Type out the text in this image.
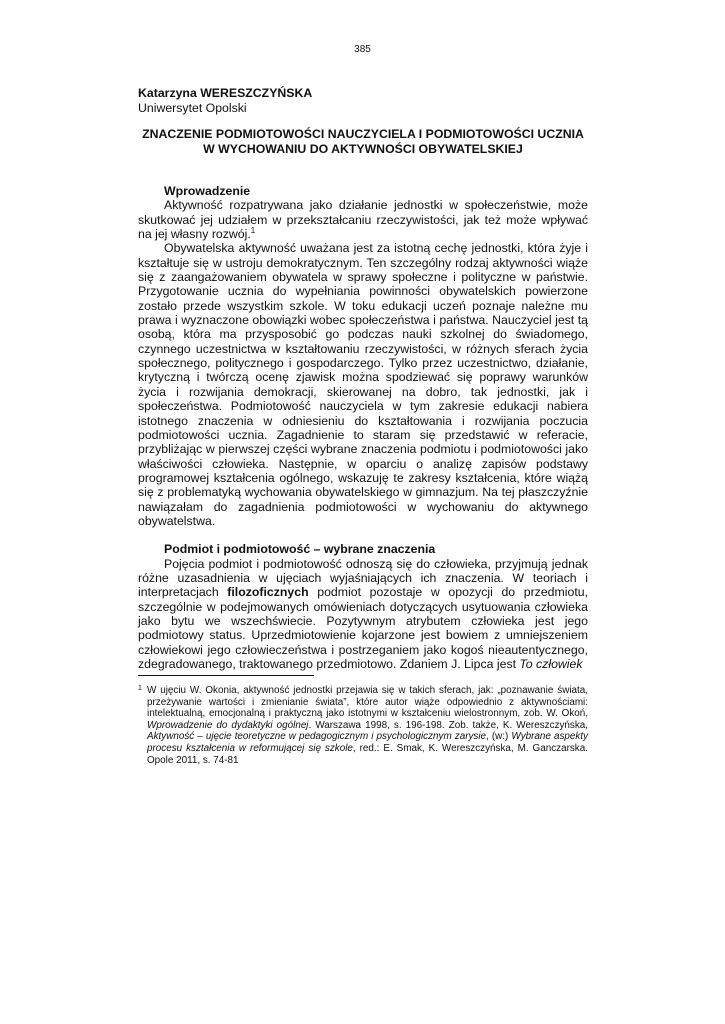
385
Katarzyna WERESZCZYŃSKA
Uniwersytet Opolski
ZNACZENIE PODMIOTOWOŚCI NAUCZYCIELA I PODMIOTOWOŚCI UCZNIA W WYCHOWANIU DO AKTYWNOŚCI OBYWATELSKIEJ
Wprowadzenie

Aktywność rozpatrywana jako działanie jednostki w społeczeństwie, może skutkować jej udziałem w przekształcaniu rzeczywistości, jak też może wpływać na jej własny rozwój.$^1$

Obywatelska aktywność uważana jest za istotną cechę jednostki, która żyje i kształtuje się w ustroju demokratycznym. Ten szczególny rodzaj aktywności wiąże się z zaangażowaniem obywatela w sprawy społeczne i polityczne w państwie. Przygotowanie ucznia do wypełniania powinności obywatelskich powierzone zostało przede wszystkim szkole. W toku edukacji uczeń poznaje należne mu prawa i wyznaczone obowiązki wobec społeczeństwa i państwa. Nauczyciel jest tą osobą, która ma przysposobić go podczas nauki szkolnej do świadomego, czynnego uczestnictwa w kształtowaniu rzeczywistości, w różnych sferach życia społecznego, politycznego i gospodarczego. Tylko przez uczestnictwo, działanie, krytyczną i twórczą ocenę zjawisk można spodziewać się poprawy warunków życia i rozwijania demokracji, skierowanej na dobro, tak jednostki, jak i społeczeństwa. Podmiotowość nauczyciela w tym zakresie edukacji nabiera istotnego znaczenia w odniesieniu do kształtowania i rozwijania poczucia podmiotowości ucznia. Zagadnienie to staram się przedstawić w referacie, przybliżając w pierwszej części wybrane znaczenia podmiotu i podmiotowości jako właściwości człowieka. Następnie, w oparciu o analizę zapisów podstawy programowej kształcenia ogólnego, wskazuję te zakresy kształcenia, które wiążą się z problematyką wychowania obywatelskiego w gimnazjum. Na tej płaszczyźnie nawiązałam do zagadnienia podmiotowości w wychowaniu do aktywnego obywatelstwa.

Podmiot i podmiotowość – wybrane znaczenia

Pojęcia podmiot i podmiotowość odnoszą się do człowieka, przyjmują jednak różne uzasadnienia w ujęciach wyjaśniających ich znaczenia. W teoriach i interpretacjach filozoficznych podmiot pozostaje w opozycji do przedmiotu, szczególnie w podejmowanych omówieniach dotyczących usytuowania człowieka jako bytu we wszechświecie. Pozytywnym atrybutem człowieka jest jego podmiotowy status. Uprzedmiotowienie kojarzone jest bowiem z umniejszeniem człowiekowi jego człowieczeństwa i postrzeganiem jako kogoś nieautentycznego, zdegradowanego, traktowanego przedmiotowo. Zdaniem J. Lipca jest To człowiek

1 W ujęciu W. Okonia, aktywność jednostki przejawia się w takich sferach, jak: „poznawanie świata, przeżywanie wartości i zmienianie świata”, które autor wiąże odpowiednio z aktywnościami: intelektualną, emocjonalną i praktyczną jako istotnymi w kształceniu wielostronnym, zob. W. Okoń, Wprowadzenie do dydaktyki ogólnej. Warszawa 1998, s. 196-198. Zob. także, K. Wereszczyńska, Aktywność – ujęcie teoretyczne w pedagogicznym i psychologicznym zarysie, (w:) Wybrane aspekty procesu kształcenia w reformującej się szkole, red.: E. Smak, K. Wereszczyńska, M. Ganczarska. Opole 2011, s. 74-81
